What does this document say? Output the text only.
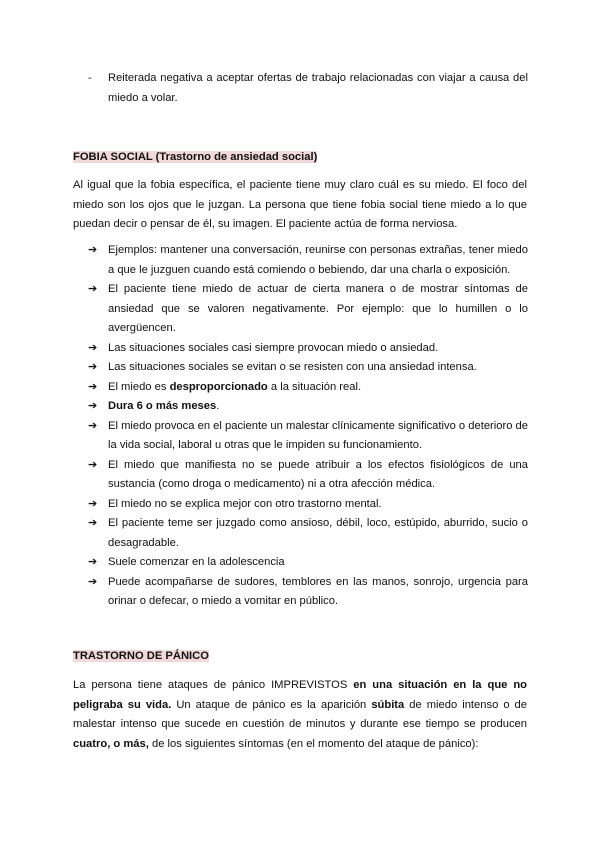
-	Reiterada negativa a aceptar ofertas de trabajo relacionadas con viajar a causa del miedo a volar.
FOBIA SOCIAL (Trastorno de ansiedad social)
Al igual que la fobia específica, el paciente tiene muy claro cuál es su miedo. El foco del miedo son los ojos que le juzgan. La persona que tiene fobia social tiene miedo a lo que puedan decir o pensar de él, su imagen. El paciente actúa de forma nerviosa.
➔ Ejemplos: mantener una conversación, reunirse con personas extrañas, tener miedo a que le juzguen cuando está comiendo o bebiendo, dar una charla o exposición.
➔ El paciente tiene miedo de actuar de cierta manera o de mostrar síntomas de ansiedad que se valoren negativamente. Por ejemplo: que lo humillen o lo avergüencen.
➔ Las situaciones sociales casi siempre provocan miedo o ansiedad.
➔ Las situaciones sociales se evitan o se resisten con una ansiedad intensa.
➔ El miedo es desproporcionado a la situación real.
➔ Dura 6 o más meses.
➔ El miedo provoca en el paciente un malestar clínicamente significativo o deterioro de la vida social, laboral u otras que le impiden su funcionamiento.
➔ El miedo que manifiesta no se puede atribuir a los efectos fisiológicos de una sustancia (como droga o medicamento) ni a otra afección médica.
➔ El miedo no se explica mejor con otro trastorno mental.
➔ El paciente teme ser juzgado como ansioso, débil, loco, estúpido, aburrido, sucio o desagradable.
➔ Suele comenzar en la adolescencia
➔ Puede acompañarse de sudores, temblores en las manos, sonrojo, urgencia para orinar o defecar, o miedo a vomitar en público.
TRASTORNO DE PÁNICO
La persona tiene ataques de pánico IMPREVISTOS en una situación en la que no peligraba su vida. Un ataque de pánico es la aparición súbita de miedo intenso o de malestar intenso que sucede en cuestión de minutos y durante ese tiempo se producen cuatro, o más, de los siguientes síntomas (en el momento del ataque de pánico):
